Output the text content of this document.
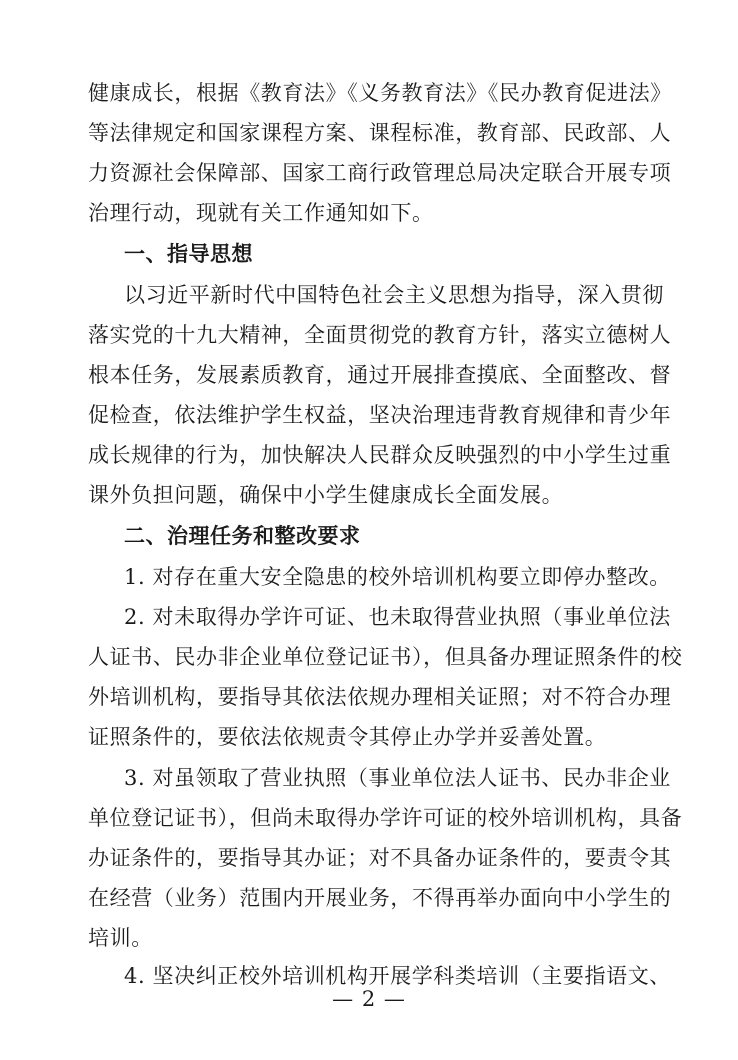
健康成长，根据《教育法》《义务教育法》《民办教育促进法》
等法律规定和国家课程方案、课程标准，教育部、民政部、人
力资源社会保障部、国家工商行政管理总局决定联合开展专项
治理行动，现就有关工作通知如下。
一、指导思想
以习近平新时代中国特色社会主义思想为指导，深入贯彻
落实党的十九大精神，全面贯彻党的教育方针，落实立德树人
根本任务，发展素质教育，通过开展排查摸底、全面整改、督
促检查，依法维护学生权益，坚决治理违背教育规律和青少年
成长规律的行为，加快解决人民群众反映强烈的中小学生过重
课外负担问题，确保中小学生健康成长全面发展。
二、治理任务和整改要求
1. 对存在重大安全隐患的校外培训机构要立即停办整改。
2. 对未取得办学许可证、也未取得营业执照（事业单位法
人证书、民办非企业单位登记证书），但具备办理证照条件的校
外培训机构，要指导其依法依规办理相关证照；对不符合办理
证照条件的，要依法依规责令其停止办学并妥善处置。
3. 对虽领取了营业执照（事业单位法人证书、民办非企业
单位登记证书），但尚未取得办学许可证的校外培训机构，具备
办证条件的，要指导其办证；对不具备办证条件的，要责令其
在经营（业务）范围内开展业务，不得再举办面向中小学生的
培训。
4. 坚决纠正校外培训机构开展学科类培训（主要指语文、
— 2 —
